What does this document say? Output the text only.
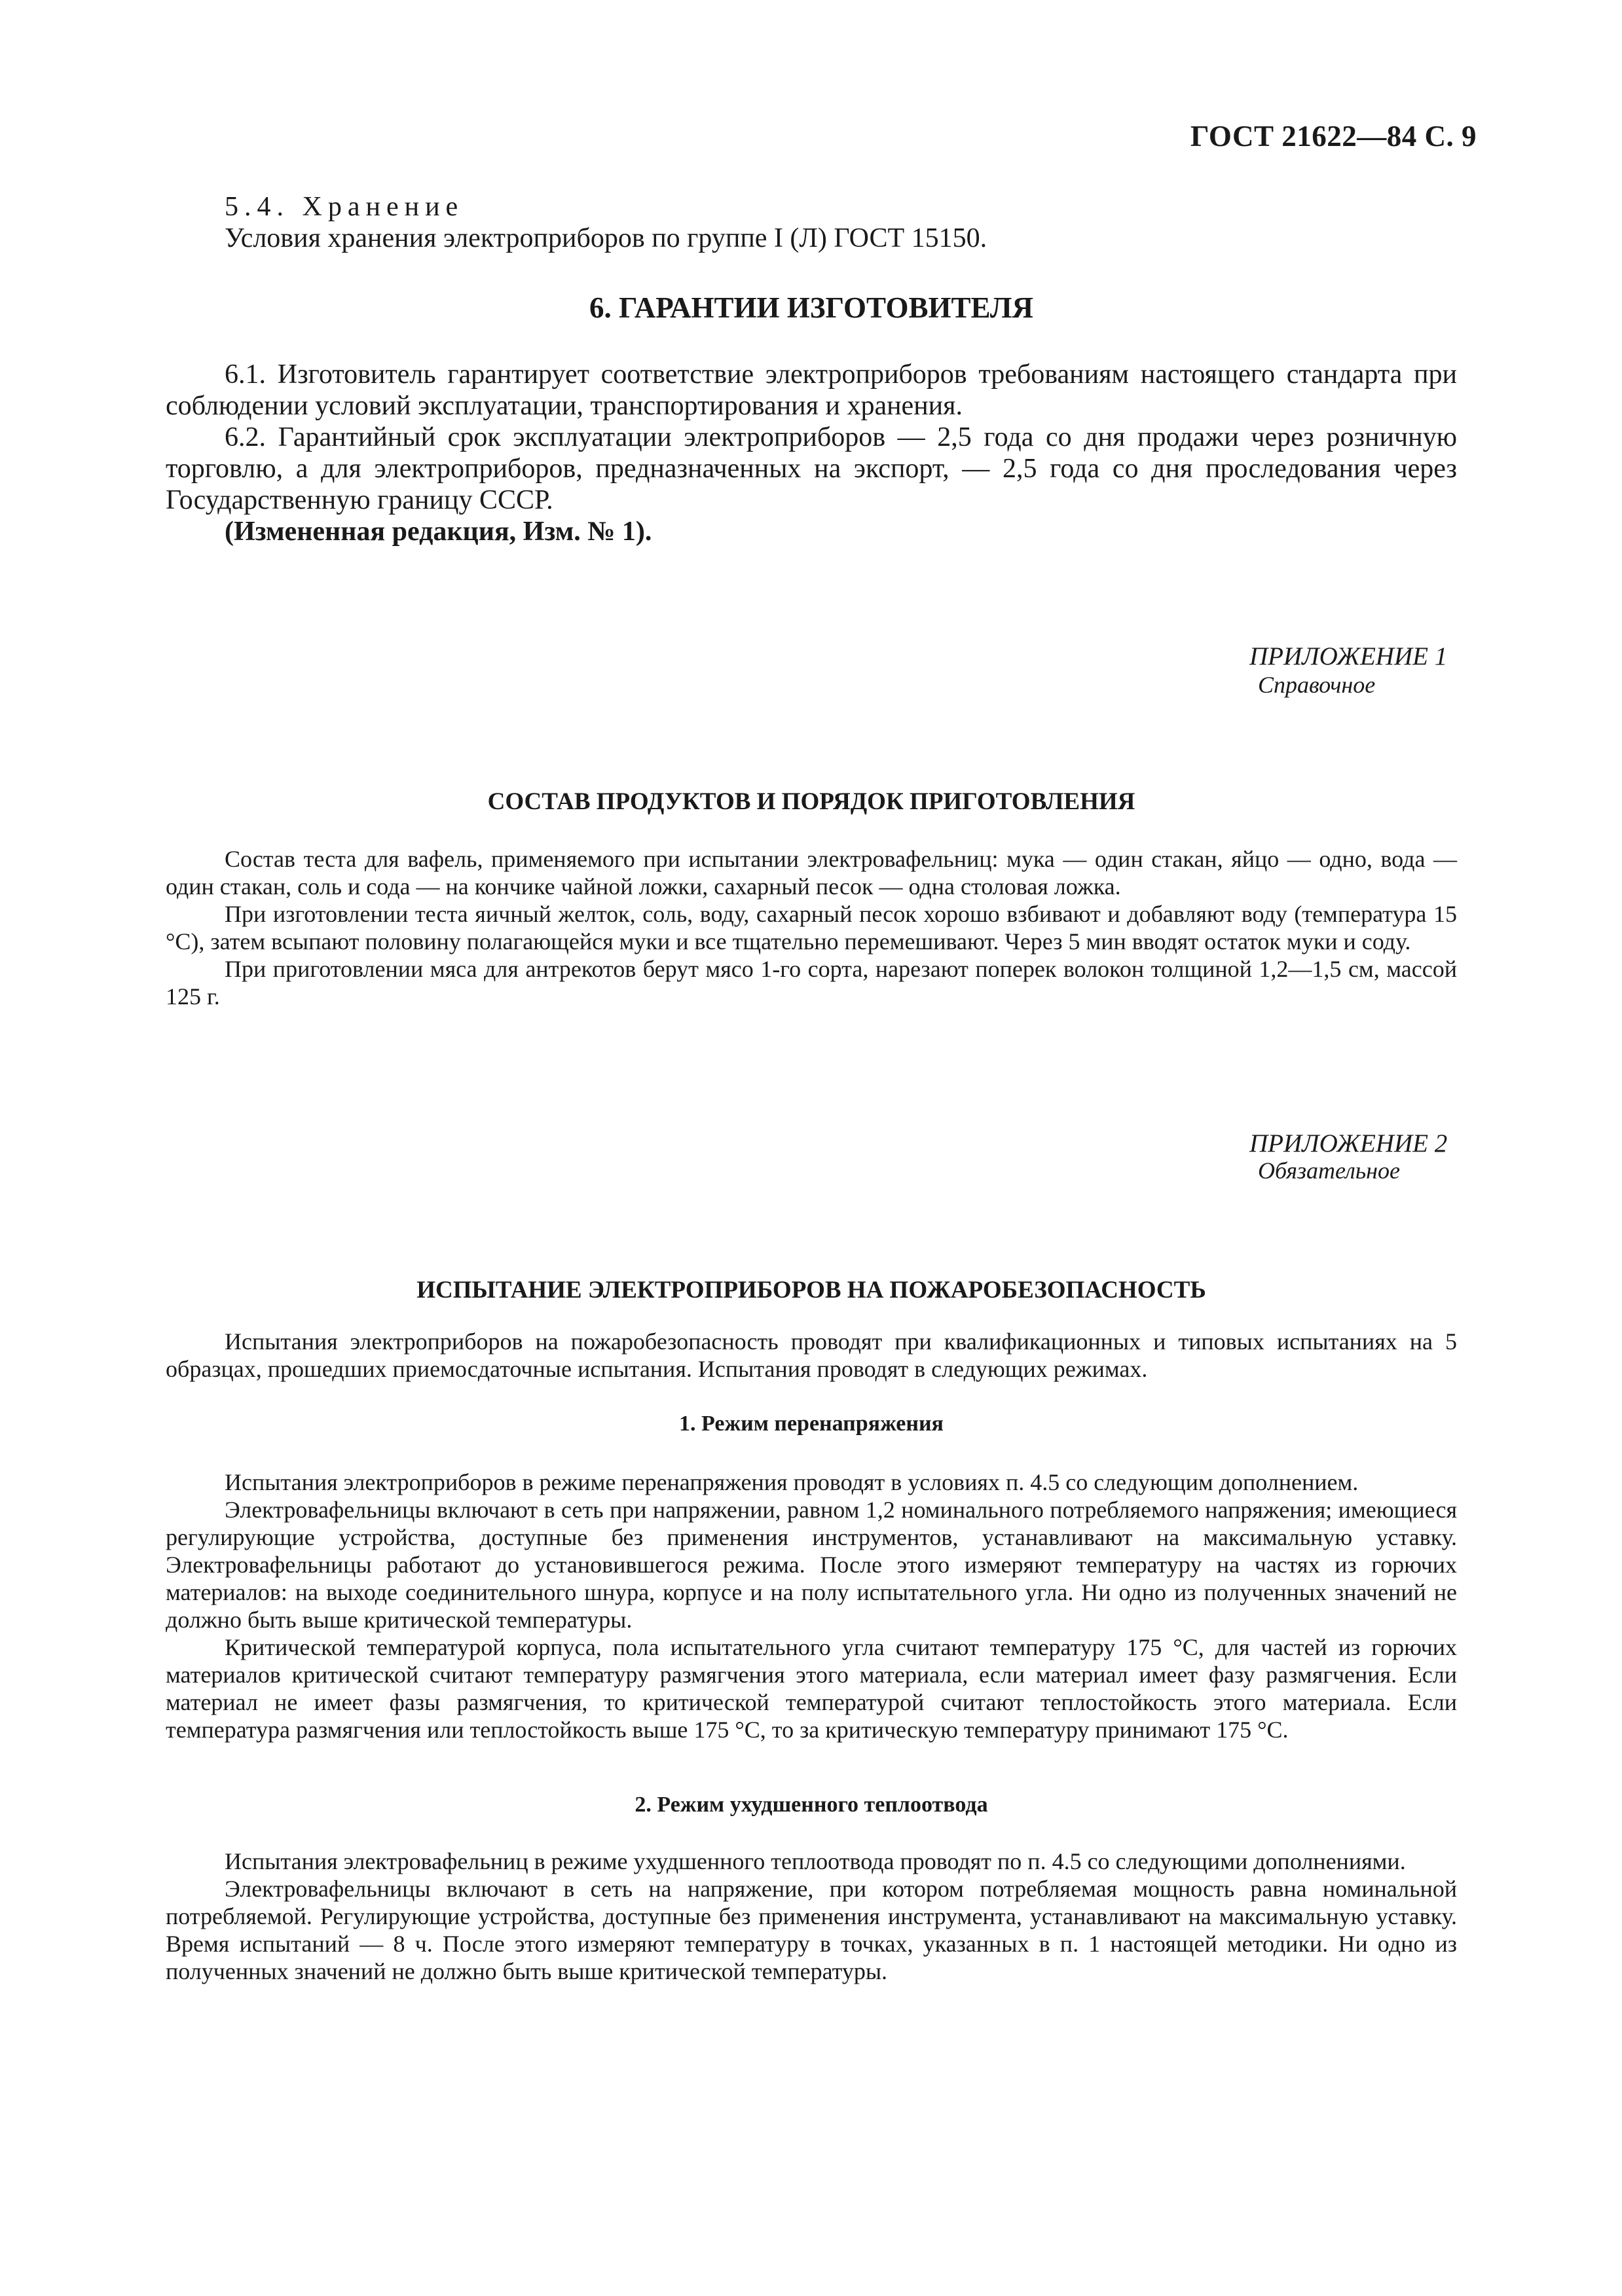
ГОСТ 21622—84 С. 9

5.4. Хранение

Условия хранения электроприборов по группе I (Л) ГОСТ 15150.

6. ГАРАНТИИ ИЗГОТОВИТЕЛЯ

6.1. Изготовитель гарантирует соответствие электроприборов требованиям настоящего стандарта при соблюдении условий эксплуатации, транспортирования и хранения.

6.2. Гарантийный срок эксплуатации электроприборов — 2,5 года со дня продажи через розничную торговлю, а для электроприборов, предназначенных на экспорт, — 2,5 года со дня проследования через Государственную границу СССР.

(Измененная редакция, Изм. № 1).

ПРИЛОЖЕНИЕ 1

Справочное

СОСТАВ ПРОДУКТОВ И ПОРЯДОК ПРИГОТОВЛЕНИЯ

Состав теста для вафель, применяемого при испытании электровафельниц: мука — один стакан, яйцо — одно, вода — один стакан, соль и сода — на кончике чайной ложки, сахарный песок — одна столовая ложка.

При изготовлении теста яичный желток, соль, воду, сахарный песок хорошо взбивают и добавляют воду (температура 15 °С), затем всыпают половину полагающейся муки и все тщательно перемешивают. Через 5 мин вводят остаток муки и соду.

При приготовлении мяса для антрекотов берут мясо 1-го сорта, нарезают поперек волокон толщиной 1,2—1,5 см, массой 125 г.

ПРИЛОЖЕНИЕ 2

Обязательное

ИСПЫТАНИЕ ЭЛЕКТРОПРИБОРОВ НА ПОЖАРОБЕЗОПАСНОСТЬ

Испытания электроприборов на пожаробезопасность проводят при квалификационных и типовых испытаниях на 5 образцах, прошедших приемосдаточные испытания. Испытания проводят в следующих режимах.

1. Режим перенапряжения

Испытания электроприборов в режиме перенапряжения проводят в условиях п. 4.5 со следующим дополнением.

Электровафельницы включают в сеть при напряжении, равном 1,2 номинального потребляемого напряжения; имеющиеся регулирующие устройства, доступные без применения инструментов, устанавливают на максимальную уставку. Электровафельницы работают до установившегося режима. После этого измеряют температуру на частях из горючих материалов: на выходе соединительного шнура, корпусе и на полу испытательного угла. Ни одно из полученных значений не должно быть выше критической температуры.

Критической температурой корпуса, пола испытательного угла считают температуру 175 °С, для частей из горючих материалов критической считают температуру размягчения этого материала, если материал имеет фазу размягчения. Если материал не имеет фазы размягчения, то критической температурой считают теплостойкость этого материала. Если температура размягчения или теплостойкость выше 175 °С, то за критическую температуру принимают 175 °С.

2. Режим ухудшенного теплоотвода

Испытания электровафельниц в режиме ухудшенного теплоотвода проводят по п. 4.5 со следующими дополнениями.

Электровафельницы включают в сеть на напряжение, при котором потребляемая мощность равна номинальной потребляемой. Регулирующие устройства, доступные без применения инструмента, устанавливают на максимальную уставку. Время испытаний — 8 ч. После этого измеряют температуру в точках, указанных в п. 1 настоящей методики. Ни одно из полученных значений не должно быть выше критической температуры.
